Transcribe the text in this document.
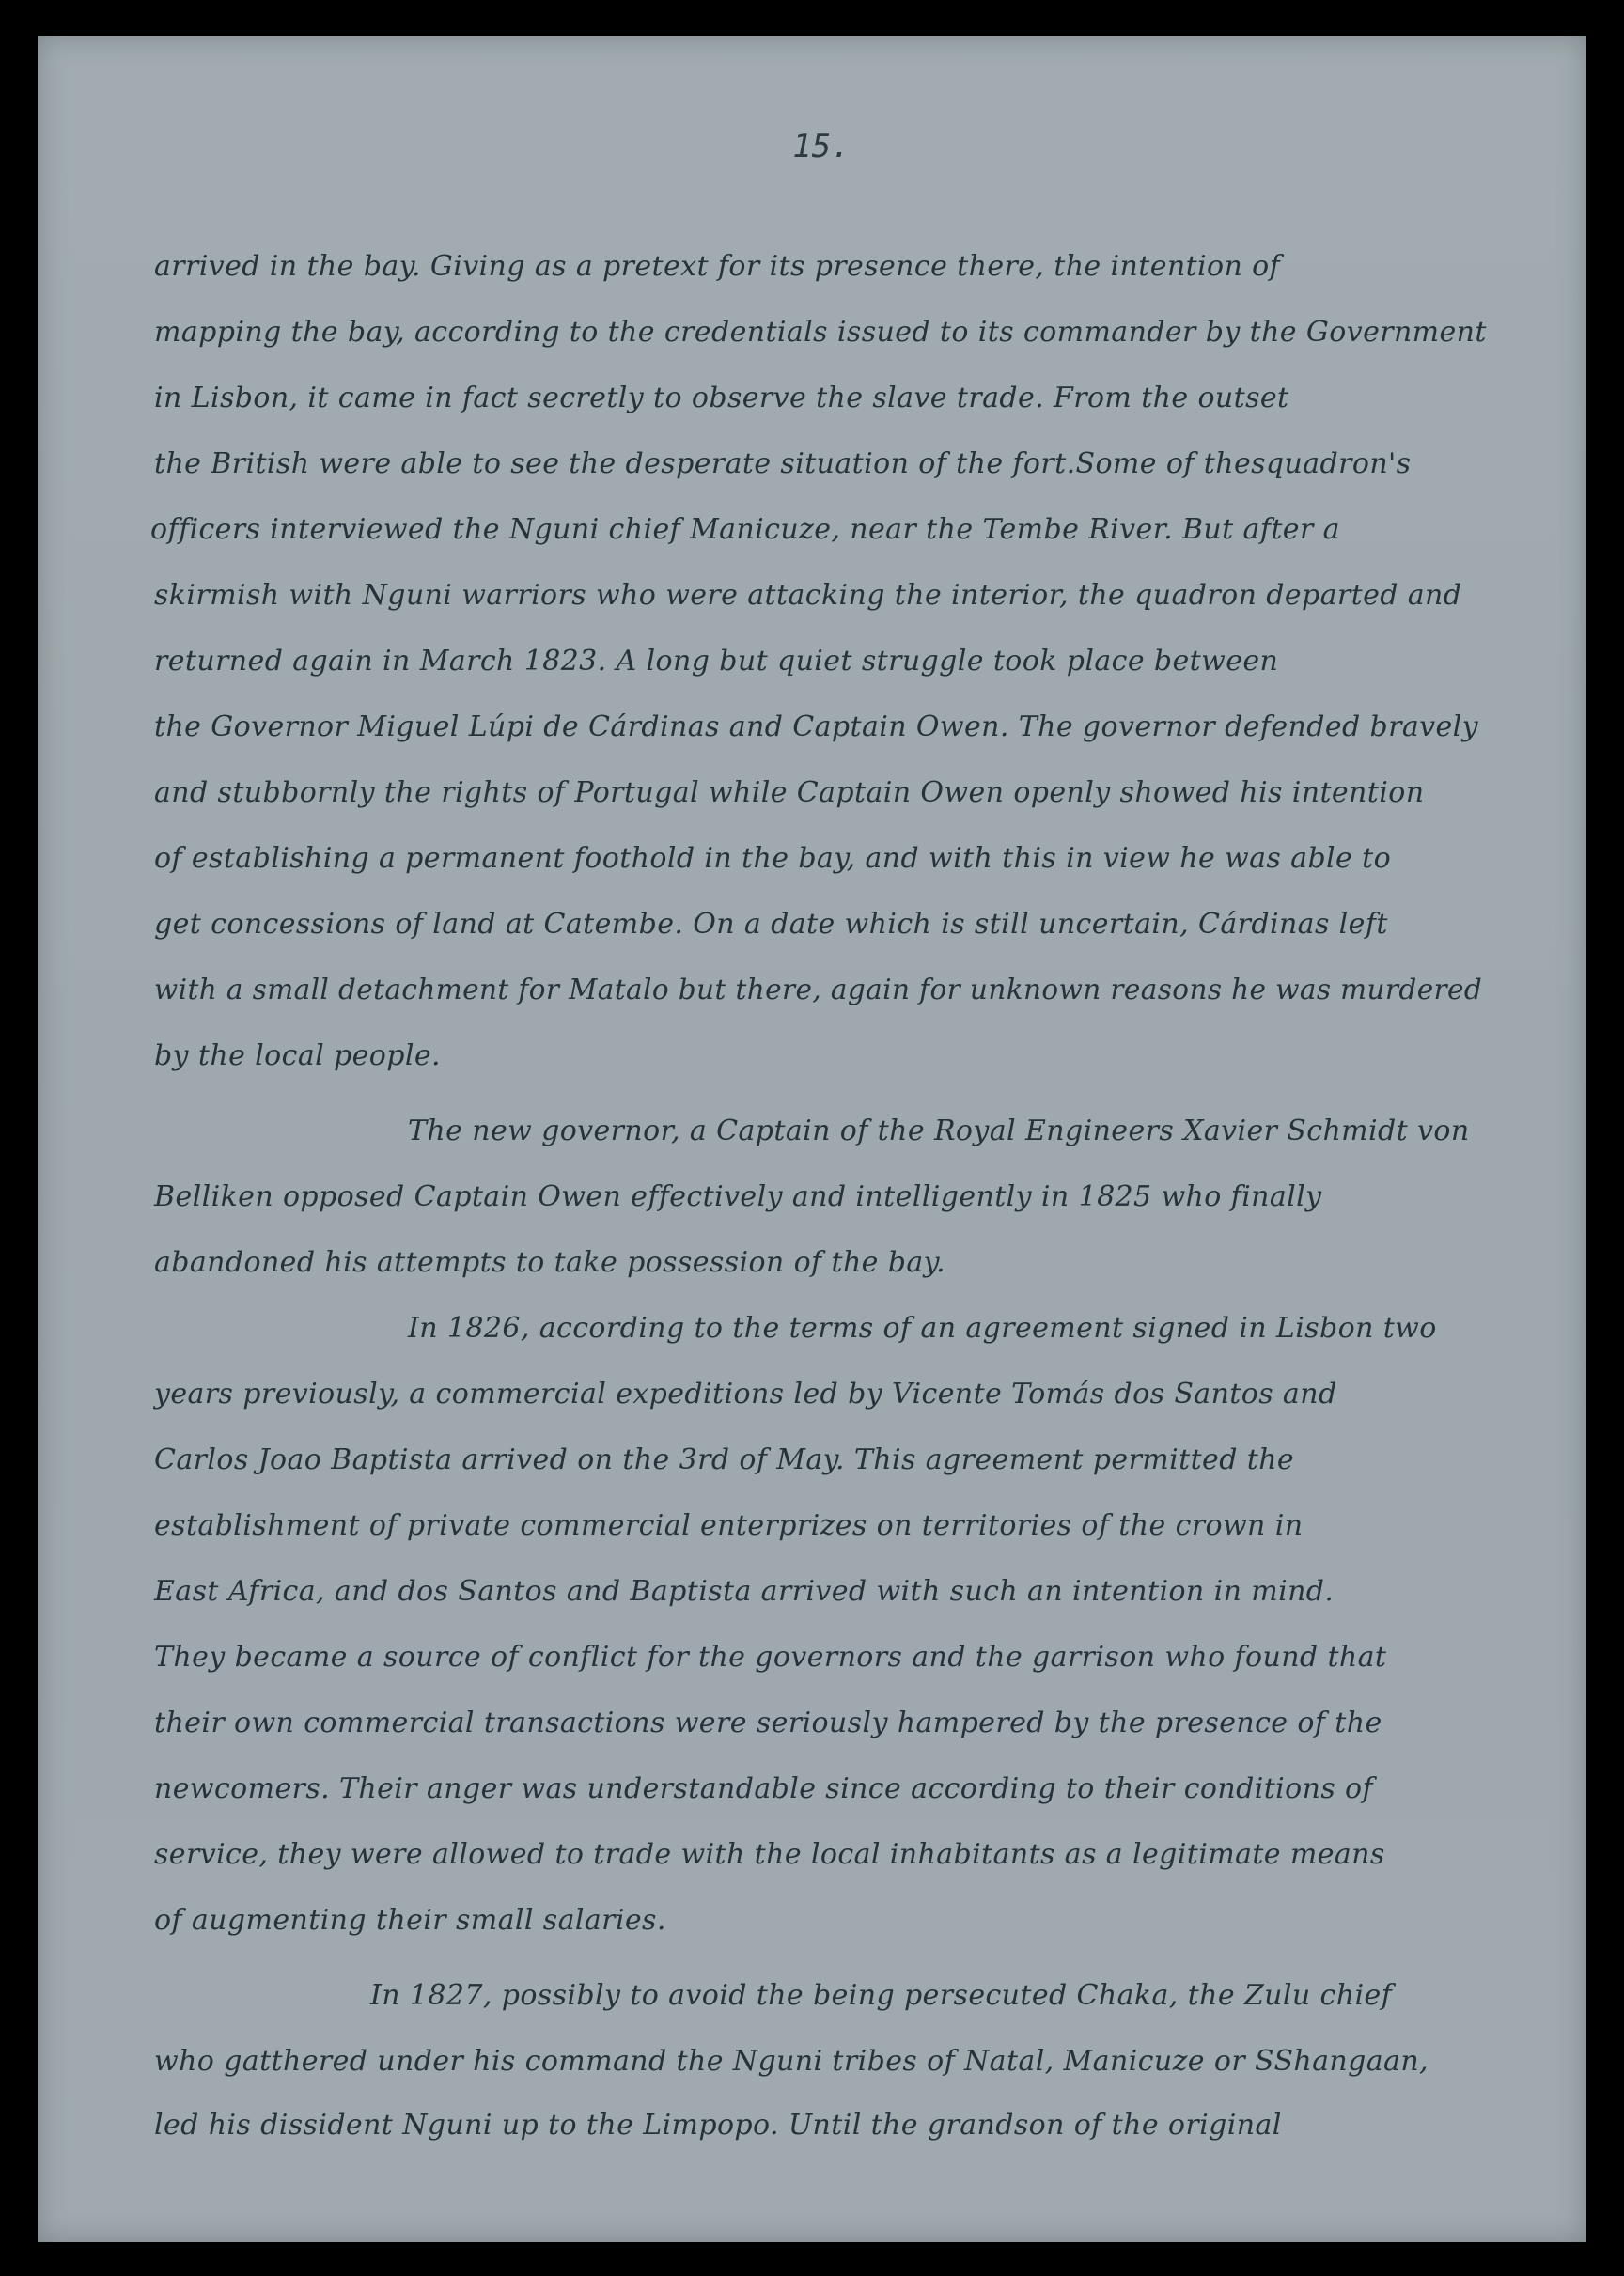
15.
arrived in the bay. Giving as a pretext for its presence there, the intention of
mapping the bay, according to the credentials issued to its commander by the Government
in Lisbon, it came in fact secretly to observe the slave trade. From the outset
the British were able to see the desperate situation of the fort.Some of thesquadron's
officers interviewed the Nguni chief Manicuze, near the Tembe River. But after a
skirmish with Nguni warriors who were attacking the interior, the quadron departed and
returned again in March 1823. A long but quiet struggle took place between
the Governor Miguel Lúpi de Cárdinas and Captain Owen. The governor defended bravely
and stubbornly the rights of Portugal while Captain Owen openly showed his intention
of establishing a permanent foothold in the bay, and with this in view he was able to
get concessions of land at Catembe. On a date which is still uncertain, Cárdinas left
with a small detachment for Matalo but there, again for unknown reasons he was murdered
by the local people.
The new governor, a Captain of the Royal Engineers Xavier Schmidt von
Belliken opposed Captain Owen effectively and intelligently in 1825 who finally
abandoned his attempts to take possession of the bay.
In 1826, according to the terms of an agreement signed in Lisbon two
years previously, a commercial expeditions led by Vicente Tomás dos Santos and
Carlos Joao Baptista arrived on the 3rd of May. This agreement permitted the
establishment of private commercial enterprizes on territories of the crown in
East Africa, and dos Santos and Baptista arrived with such an intention in mind.
They became a source of conflict for the governors and the garrison who found that
their own commercial transactions were seriously hampered by the presence of the
newcomers. Their anger was understandable since according to their conditions of
service, they were allowed to trade with the local inhabitants as a legitimate means
of augmenting their small salaries.
In 1827, possibly to avoid the being persecuted Chaka, the Zulu chief
who gatthered under his command the Nguni tribes of Natal, Manicuze or SShangaan,
led his dissident Nguni up to the Limpopo. Until the grandson of the original
